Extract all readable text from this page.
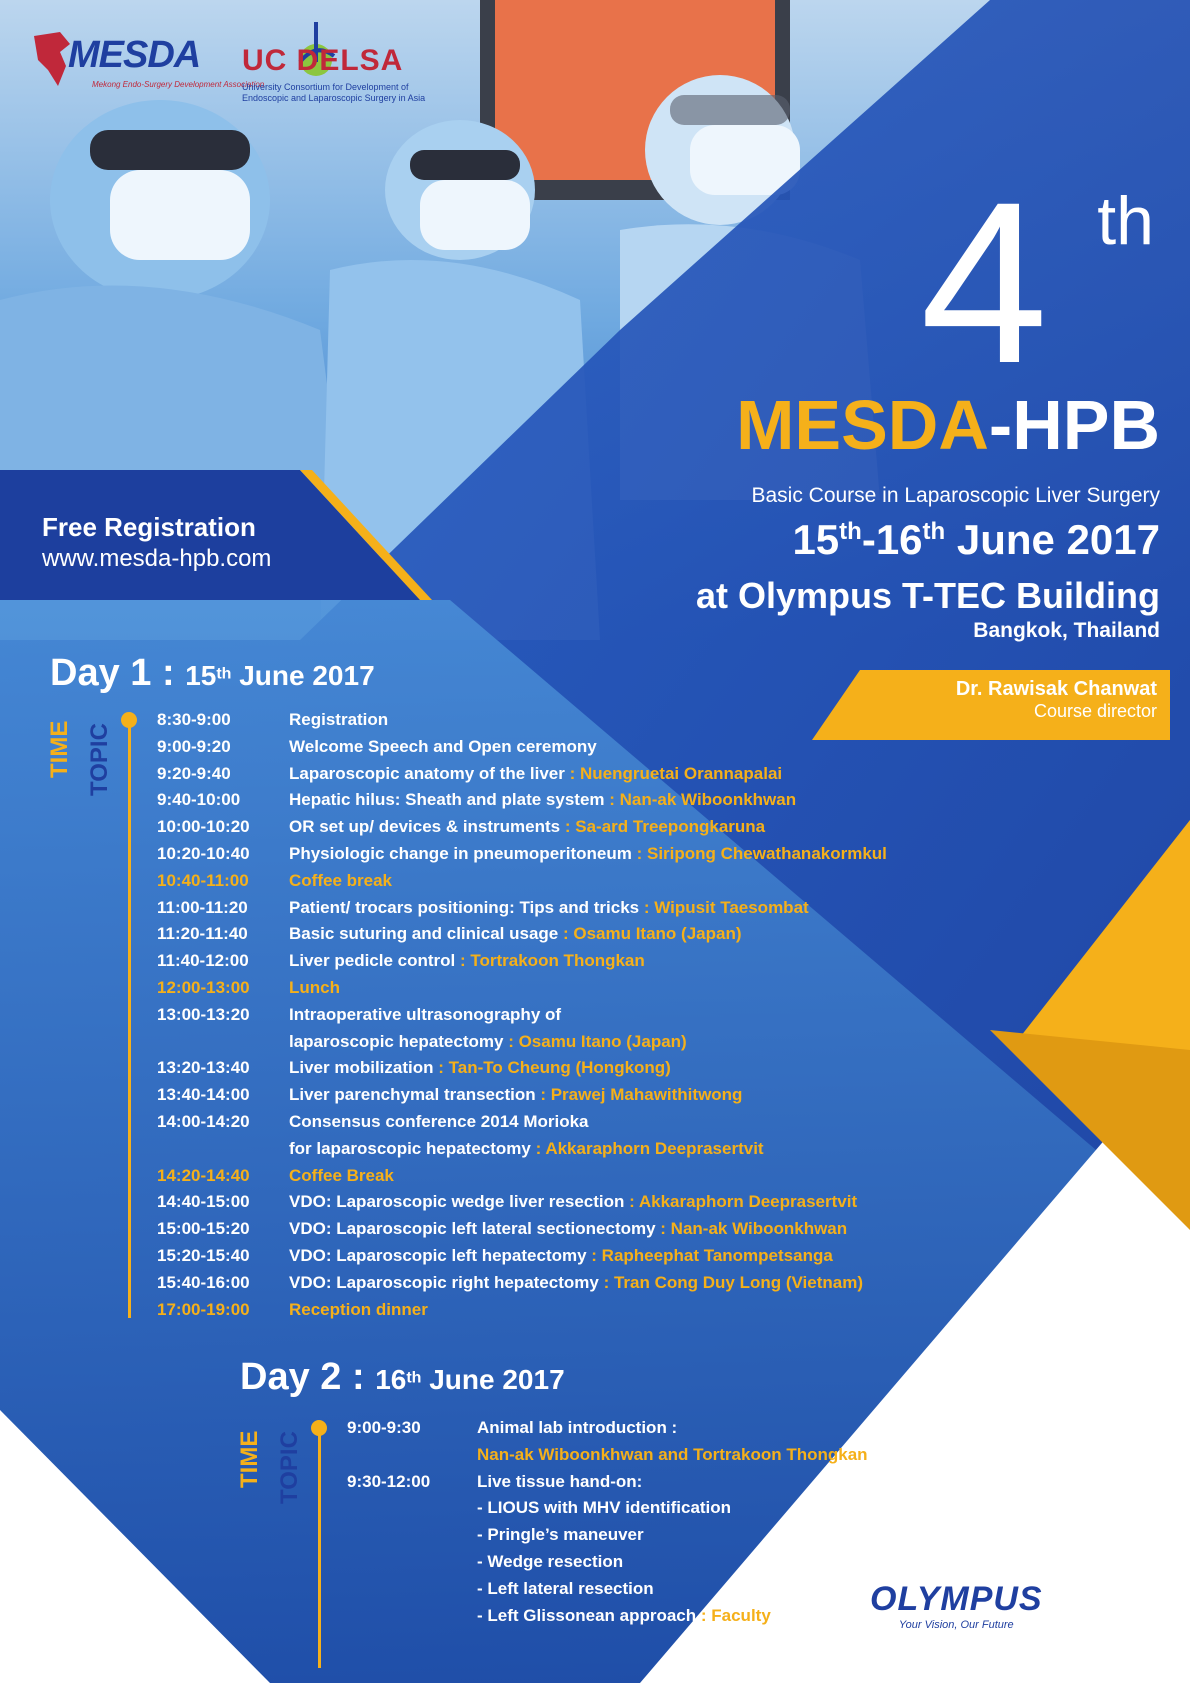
MESDA
Mekong Endo-Surgery Development Association
UC DELSA
University Consortium for Development of Endoscopic and Laparoscopic Surgery in Asia
4 th
MESDA-HPB
Basic Course in Laparoscopic Liver Surgery
15th-16th June 2017
at Olympus T-TEC Building
Bangkok, Thailand
Dr. Rawisak Chanwat
Course director
Free Registration
www.mesda-hpb.com
Day 1 : 15th June 2017
TIME TOPIC
8:30-9:00	Registration
9:00-9:20	Welcome Speech and Open ceremony
9:20-9:40	Laparoscopic anatomy of the liver : Nuengruetai Orannapalai
9:40-10:00	Hepatic hilus: Sheath and plate system : Nan-ak Wiboonkhwan
10:00-10:20 OR set up/ devices & instruments : Sa-ard Treepongkaruna
10:20-10:40 Physiologic change in pneumoperitoneum : Siripong Chewathanakormkul
10:40-11:00 Coffee break
11:00-11:20 Patient/ trocars positioning: Tips and tricks : Wipusit Taesombat
11:20-11:40 Basic suturing and clinical usage : Osamu Itano (Japan)
11:40-12:00 Liver pedicle control : Tortrakoon Thongkan
12:00-13:00 Lunch
13:00-13:20 Intraoperative ultrasonography of
laparoscopic hepatectomy : Osamu Itano (Japan)
13:20-13:40 Liver mobilization : Tan-To Cheung (Hongkong)
13:40-14:00 Liver parenchymal transection : Prawej Mahawithitwong
14:00-14:20 Consensus conference 2014 Morioka
for laparoscopic hepatectomy : Akkaraphorn Deeprasertvit
14:20-14:40 Coffee Break
14:40-15:00 VDO: Laparoscopic wedge liver resection : Akkaraphorn Deeprasertvit
15:00-15:20 VDO: Laparoscopic left lateral sectionectomy : Nan-ak Wiboonkhwan
15:20-15:40 VDO: Laparoscopic left hepatectomy : Rapheephat Tanompetsanga
15:40-16:00 VDO: Laparoscopic right hepatectomy : Tran Cong Duy Long (Vietnam)
17:00-19:00 Reception dinner
Day 2 : 16th June 2017
TIME TOPIC
9:00-9:30	Animal lab introduction :
Nan-ak Wiboonkhwan and Tortrakoon Thongkan
9:30-12:00	Live tissue hand-on:
- LIOUS with MHV identification
- Pringle’s maneuver
- Wedge resection
- Left lateral resection
- Left Glissonean approach : Faculty	OLYMPUS
Your Vision, Our Future
